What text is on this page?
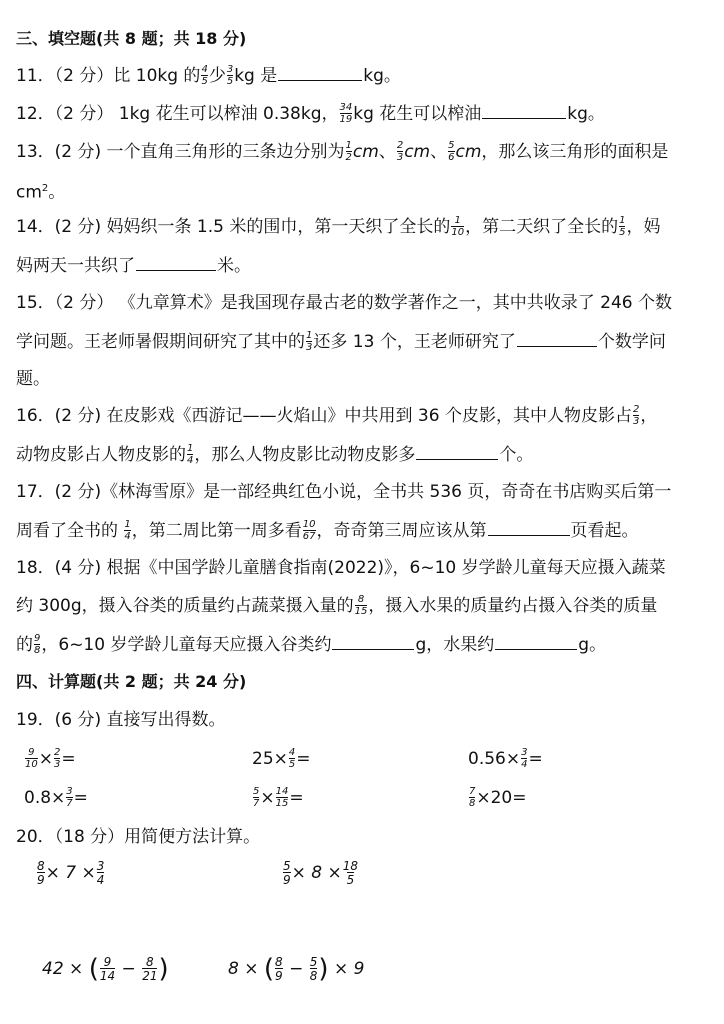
三、填空题(共 8 题；共 18 分)
11．（2 分）比 10kg 的 $\frac{4}{5}$ 少 $\frac{3}{5}$ kg 是	kg。
12．（2 分） 1kg 花生可以榨油 0.38kg， $\frac{34}{19}$ kg 花生可以榨油	kg。
13．(2 分) 一个直角三角形的三条边分别为 $\frac{1}{2}$ cm、 $\frac{2}{3}$ cm、 $\frac{5}{6}$ cm，那么该三角形的面积是
$cm^2$。
14．(2 分) 妈妈织一条 1.5 米的围巾，第一天织了全长的 $\frac{1}{10}$ ，第二天织了全长的 $\frac{1}{5}$ ，妈
妈两天一共织了	米。
15．（2 分） 《九章算术》是我国现存最古老的数学著作之一，其中共收录了 246 个数
学问题。王老师暑假期间研究了其中的 $\frac{1}{3}$ 还多 13 个，王老师研究了	个数学问
题。
16．(2 分) 在皮影戏《西游记——火焰山》中共用到 36 个皮影，其中人物皮影占 $\frac{2}{3}$ ，
动物皮影占人物皮影的 $\frac{1}{4}$ ，那么人物皮影比动物皮影多	个。
17．(2 分)《林海雪原》是一部经典红色小说，全书共 536 页，奇奇在书店购买后第一
周看了全书的 $\frac{1}{4}$ ，第二周比第一周多看 $\frac{10}{67}$ ，奇奇第三周应该从第	页看起。
18．(4 分) 根据《中国学龄儿童膳食指南(2022)》，6~10 岁学龄儿童每天应摄入蔬菜
约 300g，摄入谷类的质量约占蔬菜摄入量的 $\frac{8}{15}$ ，摄入水果的质量约占摄入谷类的质量
的 $\frac{9}{8}$ ，6~10 岁学龄儿童每天应摄入谷类约	g，水果约	g。
四、计算题(共 2 题；共 24 分)
19．(6 分) 直接写出得数。
$\frac{9}{10} \times \frac{2}{3}$ =	$25\times \frac{4}{5}$ =	$0.56\times \frac{3}{4}$ =
$0.8\times \frac{3}{7}$ =	$\frac{5}{7} \times \frac{14}{15}$ =	$\frac{7}{8} \times 20=$
20．（18 分）用简便方法计算。
$\frac{8}{9} \times 7 \times \frac{3}{4}$	$\frac{5}{9} \times 8 \times \frac{18}{5}$
42 × ( $\frac{9}{14} - \frac{8}{21}$ )	8 × ( $\frac{8}{9} - \frac{5}{8}$ ) × 9
